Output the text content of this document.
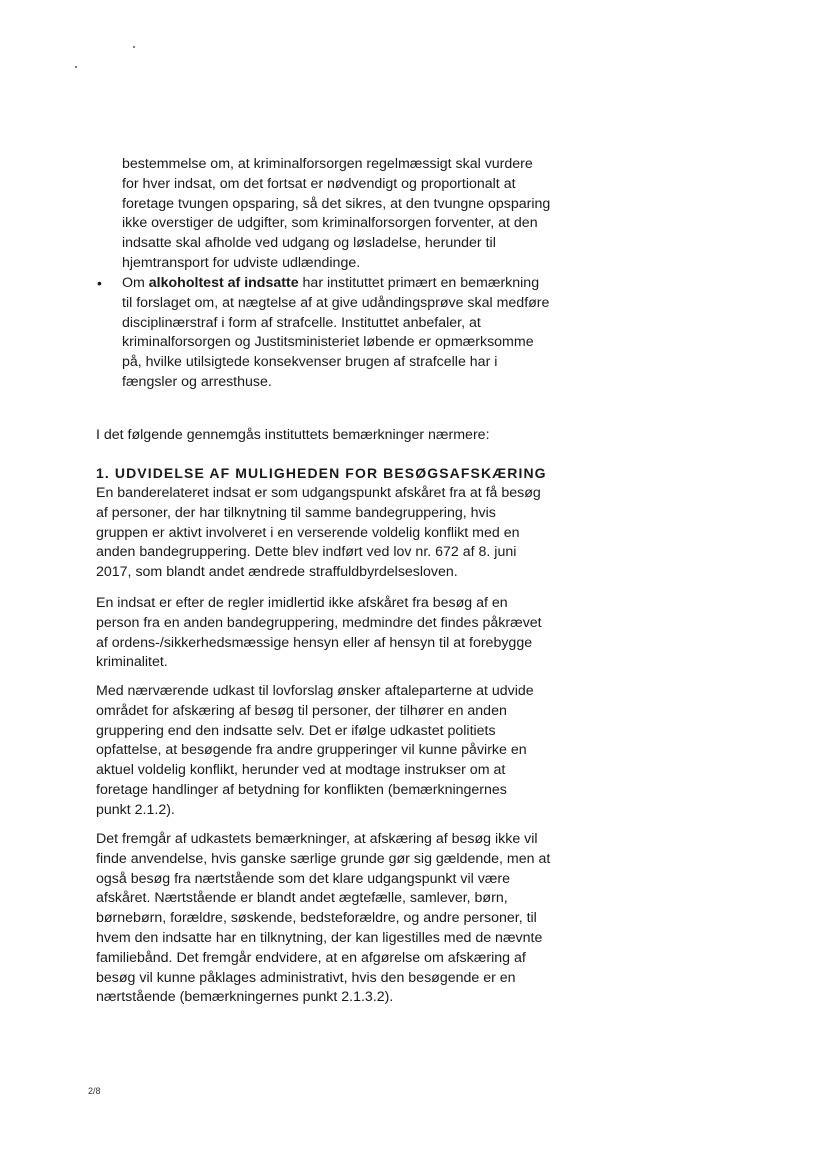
bestemmelse om, at kriminalforsorgen regelmæssigt skal vurdere
for hver indsat, om det fortsat er nødvendigt og proportionalt at
foretage tvungen opsparing, så det sikres, at den tvungne opsparing
ikke overstiger de udgifter, som kriminalforsorgen forventer, at den
indsatte skal afholde ved udgang og løsladelse, herunder til
hjemtransport for udviste udlændinge.
• Om alkoholtest af indsatte har instituttet primært en bemærkning
til forslaget om, at nægtelse af at give udåndingsprøve skal medføre
disciplinærstraf i form af strafcelle. Instituttet anbefaler, at
kriminalforsorgen og Justitsministeriet løbende er opmærksomme
på, hvilke utilsigtede konsekvenser brugen af strafcelle har i
fængsler og arresthuse.
I det følgende gennemgås instituttets bemærkninger nærmere:
1. UDVIDELSE AF MULIGHEDEN FOR BESØGSAFSKÆRING
En banderelateret indsat er som udgangspunkt afskåret fra at få besøg
af personer, der har tilknytning til samme bandegruppering, hvis
gruppen er aktivt involveret i en verserende voldelig konflikt med en
anden bandegruppering. Dette blev indført ved lov nr. 672 af 8. juni
2017, som blandt andet ændrede straffuldbyrdelsesloven.
En indsat er efter de regler imidlertid ikke afskåret fra besøg af en
person fra en anden bandegruppering, medmindre det findes påkrævet
af ordens-/sikkerhedsmæssige hensyn eller af hensyn til at forebygge
kriminalitet.
Med nærværende udkast til lovforslag ønsker aftaleparterne at udvide
området for afskæring af besøg til personer, der tilhører en anden
gruppering end den indsatte selv. Det er ifølge udkastet politiets
opfattelse, at besøgende fra andre grupperinger vil kunne påvirke en
aktuel voldelig konflikt, herunder ved at modtage instrukser om at
foretage handlinger af betydning for konflikten (bemærkningernes
punkt 2.1.2).
Det fremgår af udkastets bemærkninger, at afskæring af besøg ikke vil
finde anvendelse, hvis ganske særlige grunde gør sig gældende, men at
også besøg fra nærtstående som det klare udgangspunkt vil være
afskåret. Nærtstående er blandt andet ægtefælle, samlever, børn,
børnebørn, forældre, søskende, bedsteforældre, og andre personer, til
hvem den indsatte har en tilknytning, der kan ligestilles med de nævnte
familiebånd. Det fremgår endvidere, at en afgørelse om afskæring af
besøg vil kunne påklages administrativt, hvis den besøgende er en
nærtstående (bemærkningernes punkt 2.1.3.2).
2/8
